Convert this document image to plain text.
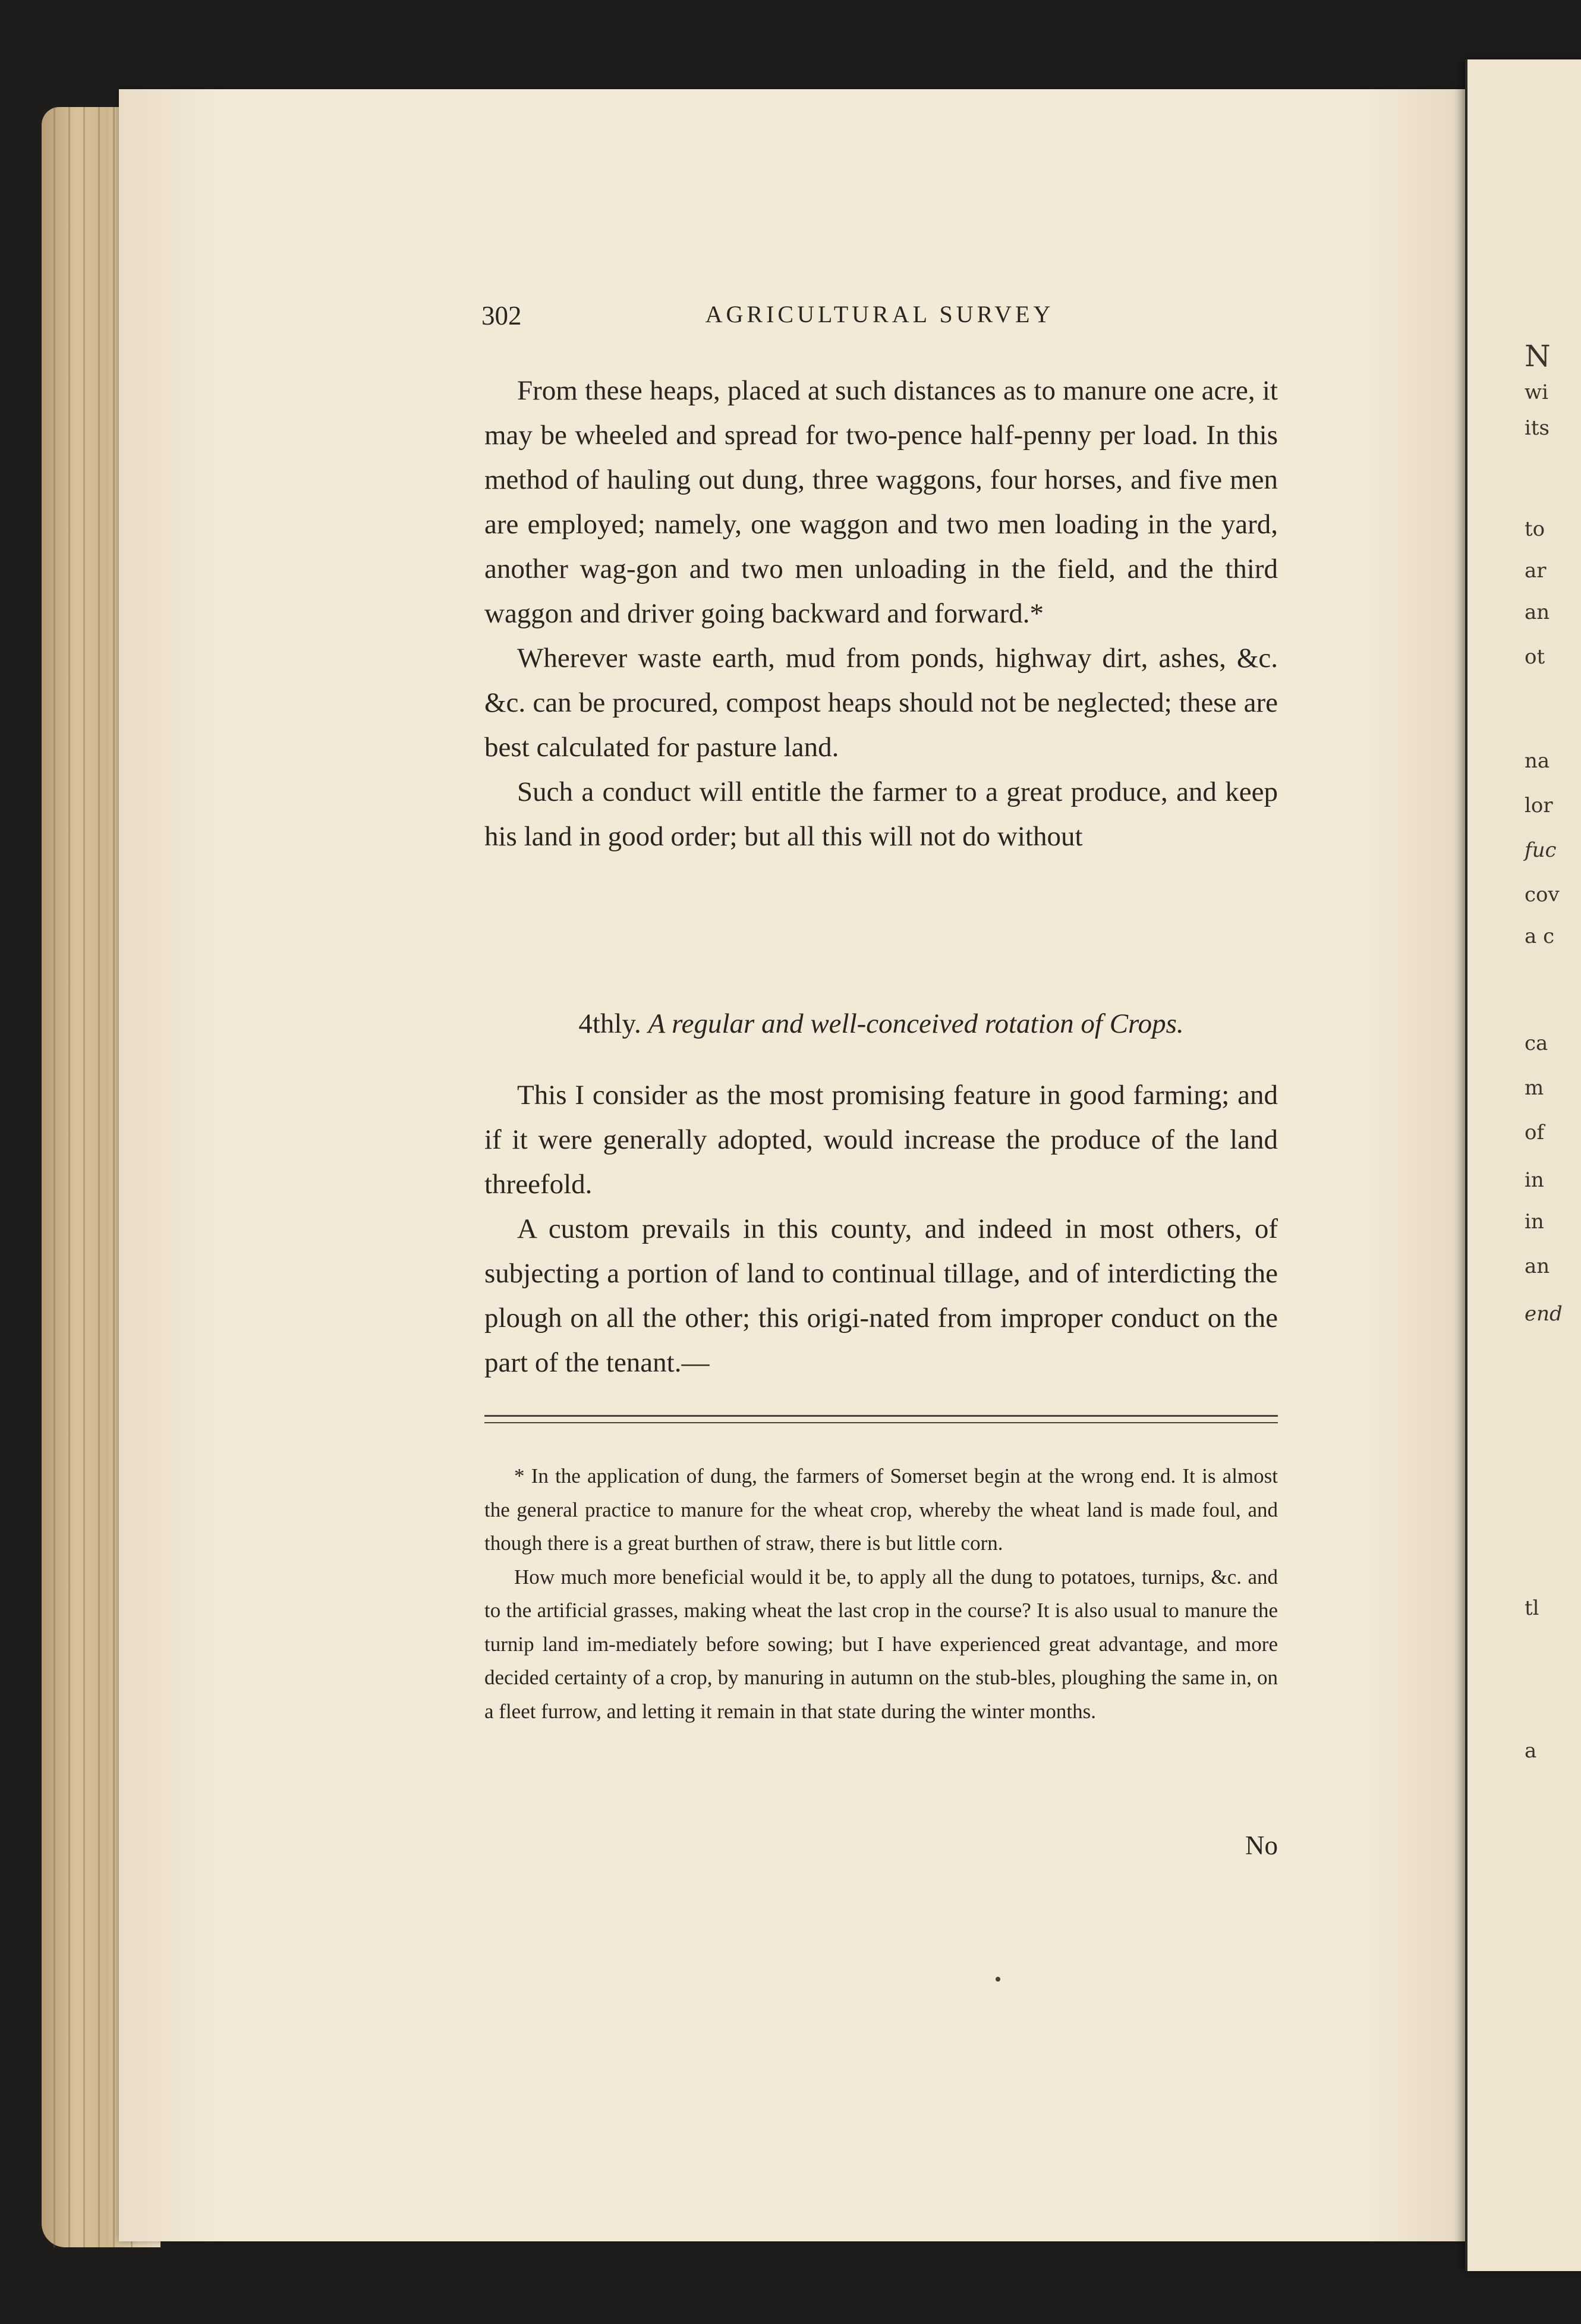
N
wi
its
to
ar
an
ot
na
lor
fuc
cov
a c
ca
m
of
in
in
an
end
tl
a
302	AGRICULTURAL SURVEY

From these heaps, placed at such distances as to manure one acre, it may be wheeled and spread for two-pence half-penny per load. In this method of hauling out dung, three waggons, four horses, and five men are employed; namely, one waggon and two men loading in the yard, another wag-gon and two men unloading in the field, and the third waggon and driver going backward and forward.*

Wherever waste earth, mud from ponds, highway dirt, ashes, &c. &c. can be procured, compost heaps should not be neglected; these are best calculated for pasture land.

Such a conduct will entitle the farmer to a great produce, and keep his land in good order; but all this will not do without

4thly. A regular and well-conceived rotation of Crops.

This I consider as the most promising feature in good farming; and if it were generally adopted, would increase the produce of the land threefold.

A custom prevails in this county, and indeed in most others, of subjecting a portion of land to continual tillage, and of interdicting the plough on all the other; this origi-nated from improper conduct on the part of the tenant.—

* In the application of dung, the farmers of Somerset begin at the wrong end. It is almost the general practice to manure for the wheat crop, whereby the wheat land is made foul, and though there is a great burthen of straw, there is but little corn.

How much more beneficial would it be, to apply all the dung to potatoes, turnips, &c. and to the artificial grasses, making wheat the last crop in the course? It is also usual to manure the turnip land im-mediately before sowing; but I have experienced great advantage, and more decided certainty of a crop, by manuring in autumn on the stub-bles, ploughing the same in, on a fleet furrow, and letting it remain in that state during the winter months.

No
